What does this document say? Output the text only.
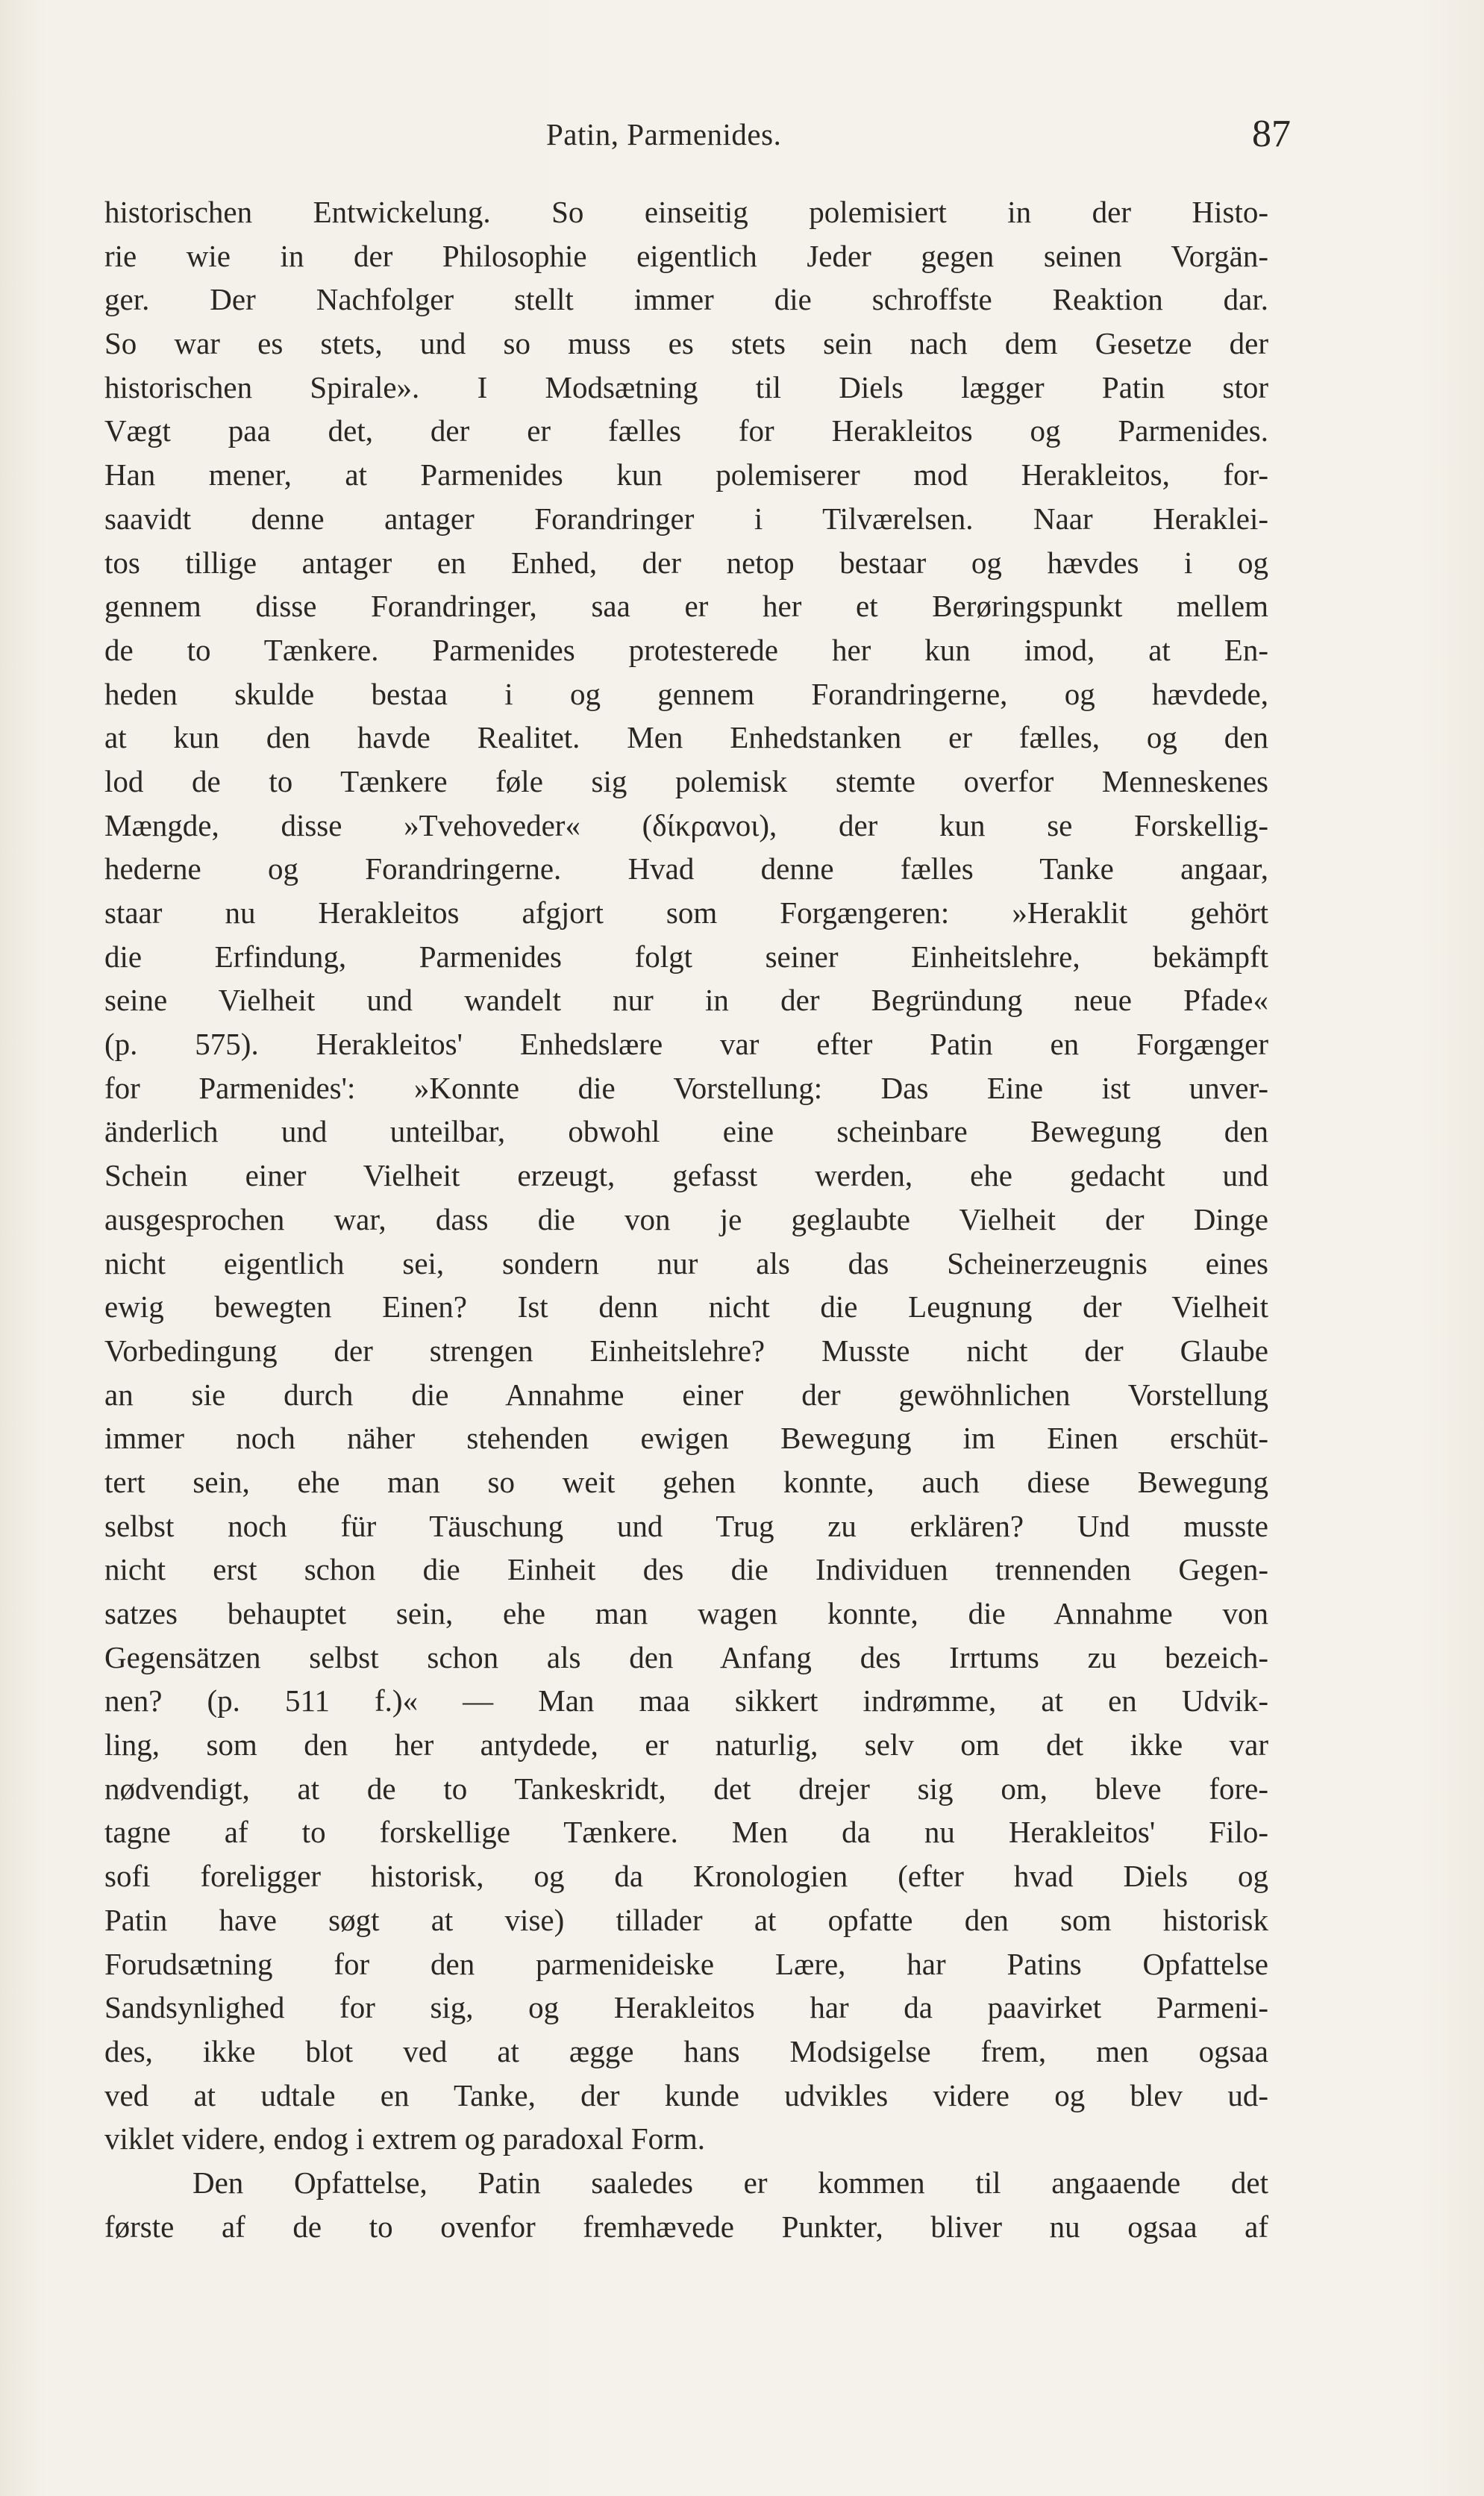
Patin, Parmenides.	87
historischen Entwickelung. So einseitig polemisiert in der Histo-
rie wie in der Philosophie eigentlich Jeder gegen seinen Vorgän-
ger. Der Nachfolger stellt immer die schroffste Reaktion dar.
So war es stets, und so muss es stets sein nach dem Gesetze der
historischen Spirale». I Modsætning til Diels lægger Patin stor
Vægt paa det, der er fælles for Herakleitos og Parmenides.
Han mener, at Parmenides kun polemiserer mod Herakleitos, for-
saavidt denne antager Forandringer i Tilværelsen. Naar Heraklei-
tos tillige antager en Enhed, der netop bestaar og hævdes i og
gennem disse Forandringer, saa er her et Berøringspunkt mellem
de to Tænkere. Parmenides protesterede her kun imod, at En-
heden skulde bestaa i og gennem Forandringerne, og hævdede,
at kun den havde Realitet. Men Enhedstanken er fælles, og den
lod de to Tænkere føle sig polemisk stemte overfor Menneskenes
Mængde, disse »Tvehoveder« (δίκρανοι), der kun se Forskellig-
hederne og Forandringerne. Hvad denne fælles Tanke angaar,
staar nu Herakleitos afgjort som Forgængeren: »Heraklit gehört
die Erfindung, Parmenides folgt seiner Einheitslehre, bekämpft
seine Vielheit und wandelt nur in der Begründung neue Pfade«
(p. 575). Herakleitos' Enhedslære var efter Patin en Forgænger
for Parmenides': »Konnte die Vorstellung: Das Eine ist unver-
änderlich und unteilbar, obwohl eine scheinbare Bewegung den
Schein einer Vielheit erzeugt, gefasst werden, ehe gedacht und
ausgesprochen war, dass die von je geglaubte Vielheit der Dinge
nicht eigentlich sei, sondern nur als das Scheinerzeugnis eines
ewig bewegten Einen? Ist denn nicht die Leugnung der Vielheit
Vorbedingung der strengen Einheitslehre? Musste nicht der Glaube
an sie durch die Annahme einer der gewöhnlichen Vorstellung
immer noch näher stehenden ewigen Bewegung im Einen erschüt-
tert sein, ehe man so weit gehen konnte, auch diese Bewegung
selbst noch für Täuschung und Trug zu erklären? Und musste
nicht erst schon die Einheit des die Individuen trennenden Gegen-
satzes behauptet sein, ehe man wagen konnte, die Annahme von
Gegensätzen selbst schon als den Anfang des Irrtums zu bezeich-
nen? (p. 511 f.)« — Man maa sikkert indrømme, at en Udvik-
ling, som den her antydede, er naturlig, selv om det ikke var
nødvendigt, at de to Tankeskridt, det drejer sig om, bleve fore-
tagne af to forskellige Tænkere. Men da nu Herakleitos' Filo-
sofi foreligger historisk, og da Kronologien (efter hvad Diels og
Patin have søgt at vise) tillader at opfatte den som historisk
Forudsætning for den parmenideiske Lære, har Patins Opfattelse
Sandsynlighed for sig, og Herakleitos har da paavirket Parmeni-
des, ikke blot ved at ægge hans Modsigelse frem, men ogsaa
ved at udtale en Tanke, der kunde udvikles videre og blev ud-
viklet videre, endog i extrem og paradoxal Form.
Den Opfattelse, Patin saaledes er kommen til angaaende det
første af de to ovenfor fremhævede Punkter, bliver nu ogsaa af
